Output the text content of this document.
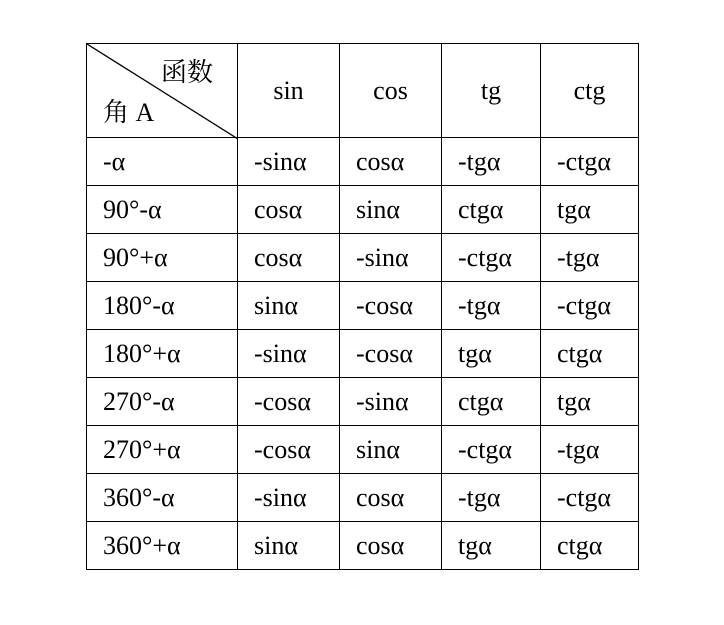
函数
角 A	sin	cos	tg	ctg
-α	-sinα	cosα	-tgα	-ctgα
90°-α	cosα	sinα	ctgα	tgα
90°+α	cosα	-sinα	-ctgα	-tgα
180°-α	sinα	-cosα	-tgα	-ctgα
180°+α	-sinα	-cosα	tgα	ctgα
270°-α	-cosα	-sinα	ctgα	tgα
270°+α	-cosα	sinα	-ctgα	-tgα
360°-α	-sinα	cosα	-tgα	-ctgα
360°+α	sinα	cosα	tgα	ctgα
